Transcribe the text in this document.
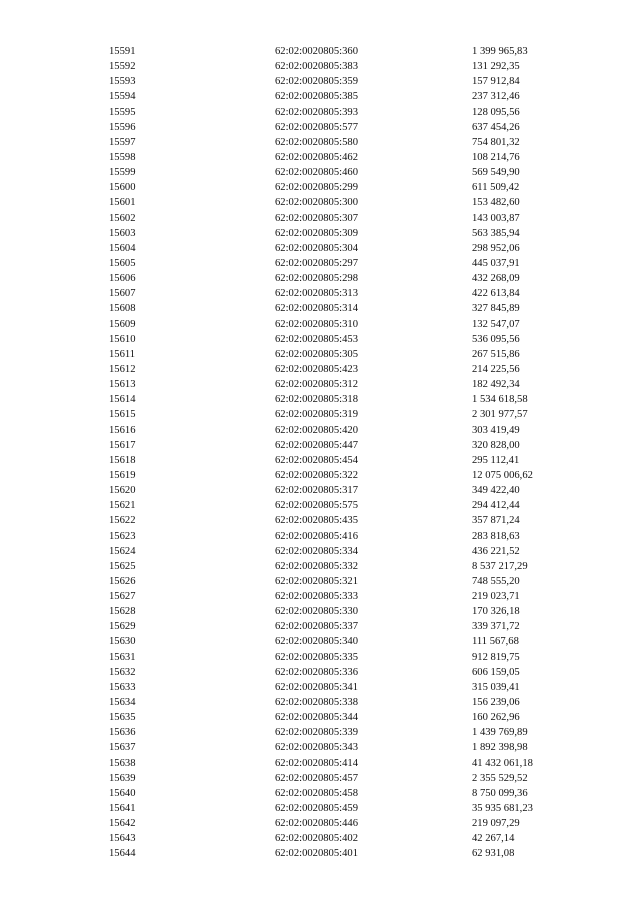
15591	62:02:0020805:360	1 399 965,83
15592	62:02:0020805:383	131 292,35
15593	62:02:0020805:359	157 912,84
15594	62:02:0020805:385	237 312,46
15595	62:02:0020805:393	128 095,56
15596	62:02:0020805:577	637 454,26
15597	62:02:0020805:580	754 801,32
15598	62:02:0020805:462	108 214,76
15599	62:02:0020805:460	569 549,90
15600	62:02:0020805:299	611 509,42
15601	62:02:0020805:300	153 482,60
15602	62:02:0020805:307	143 003,87
15603	62:02:0020805:309	563 385,94
15604	62:02:0020805:304	298 952,06
15605	62:02:0020805:297	445 037,91
15606	62:02:0020805:298	432 268,09
15607	62:02:0020805:313	422 613,84
15608	62:02:0020805:314	327 845,89
15609	62:02:0020805:310	132 547,07
15610	62:02:0020805:453	536 095,56
15611	62:02:0020805:305	267 515,86
15612	62:02:0020805:423	214 225,56
15613	62:02:0020805:312	182 492,34
15614	62:02:0020805:318	1 534 618,58
15615	62:02:0020805:319	2 301 977,57
15616	62:02:0020805:420	303 419,49
15617	62:02:0020805:447	320 828,00
15618	62:02:0020805:454	295 112,41
15619	62:02:0020805:322	12 075 006,62
15620	62:02:0020805:317	349 422,40
15621	62:02:0020805:575	294 412,44
15622	62:02:0020805:435	357 871,24
15623	62:02:0020805:416	283 818,63
15624	62:02:0020805:334	436 221,52
15625	62:02:0020805:332	8 537 217,29
15626	62:02:0020805:321	748 555,20
15627	62:02:0020805:333	219 023,71
15628	62:02:0020805:330	170 326,18
15629	62:02:0020805:337	339 371,72
15630	62:02:0020805:340	111 567,68
15631	62:02:0020805:335	912 819,75
15632	62:02:0020805:336	606 159,05
15633	62:02:0020805:341	315 039,41
15634	62:02:0020805:338	156 239,06
15635	62:02:0020805:344	160 262,96
15636	62:02:0020805:339	1 439 769,89
15637	62:02:0020805:343	1 892 398,98
15638	62:02:0020805:414	41 432 061,18
15639	62:02:0020805:457	2 355 529,52
15640	62:02:0020805:458	8 750 099,36
15641	62:02:0020805:459	35 935 681,23
15642	62:02:0020805:446	219 097,29
15643	62:02:0020805:402	42 267,14
15644	62:02:0020805:401	62 931,08
